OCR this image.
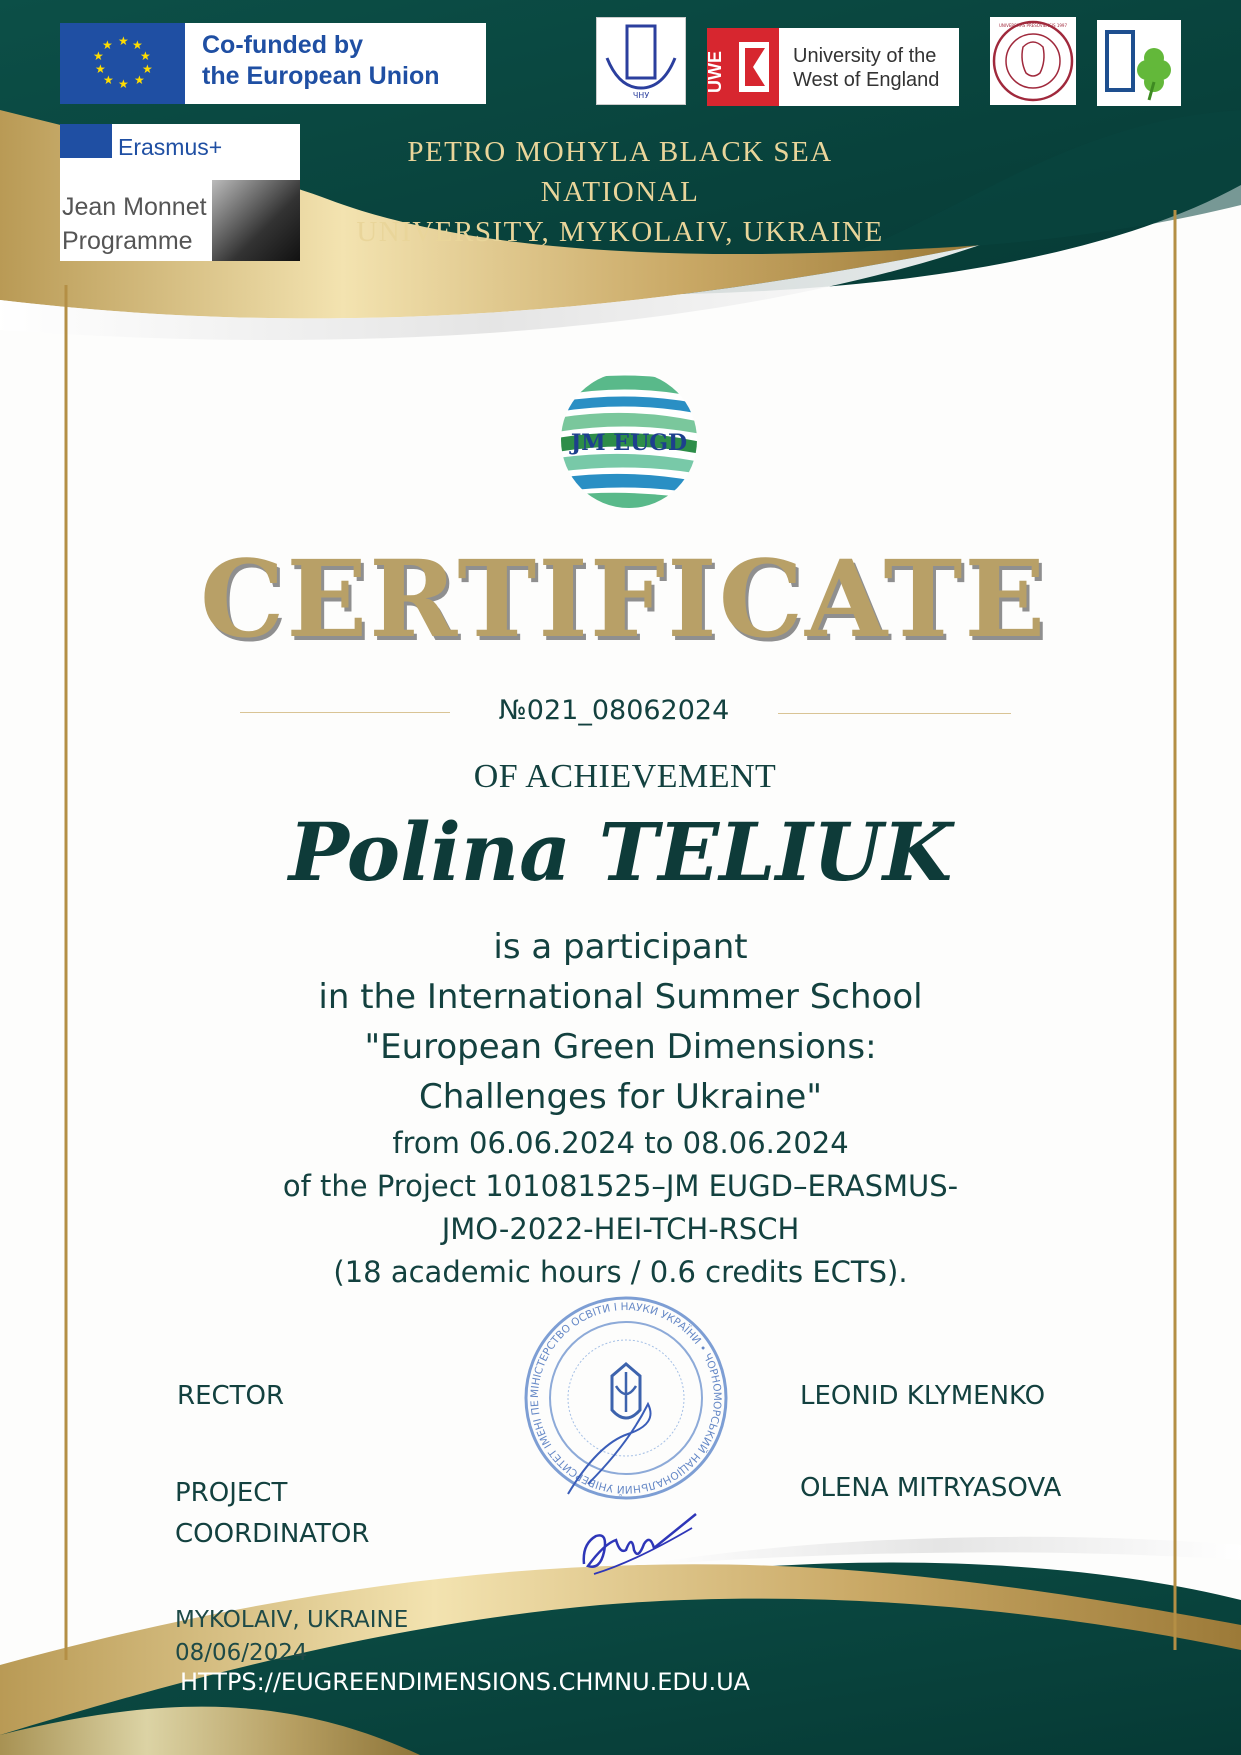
★ ★
★
★
★
★
★
★
★
★	Co-funded by
the European Union
Erasmus+
Jean Monnet
Programme
ЧНУ
UWE	University of the
West of England
UNIVERSITAS PRESOVIENSIS 1997
PETRO MOHYLA BLACK SEA NATIONAL
UNIVERSITY, MYKOLAIV, UKRAINE
JM EUGD
CERTIFICATE
№021_08062024
OF ACHIEVEMENT
Polina TELIUK
is a participant
in the International Summer School
"European Green Dimensions:
Challenges for Ukraine"
from 06.06.2024 to 08.06.2024
of the Project 101081525–JM EUGD–ERASMUS-
JMO-2022-HEI-TCH-RSCH
(18 academic hours / 0.6 credits ECTS).
МІНІСТЕРСТВО ОСВІТИ І НАУКИ УКРАЇНИ • ЧОРНОМОРСЬКИЙ НАЦІОНАЛЬНИЙ УНІВЕРСИТЕТ ІМЕНІ ПЕ
RECTOR
PROJECT
COORDINATOR
LEONID KLYMENKO
OLENA MITRYASOVA
MYKOLAIV, UKRAINE
08/06/2024
HTTPS://EUGREENDIMENSIONS.CHMNU.EDU.UA
